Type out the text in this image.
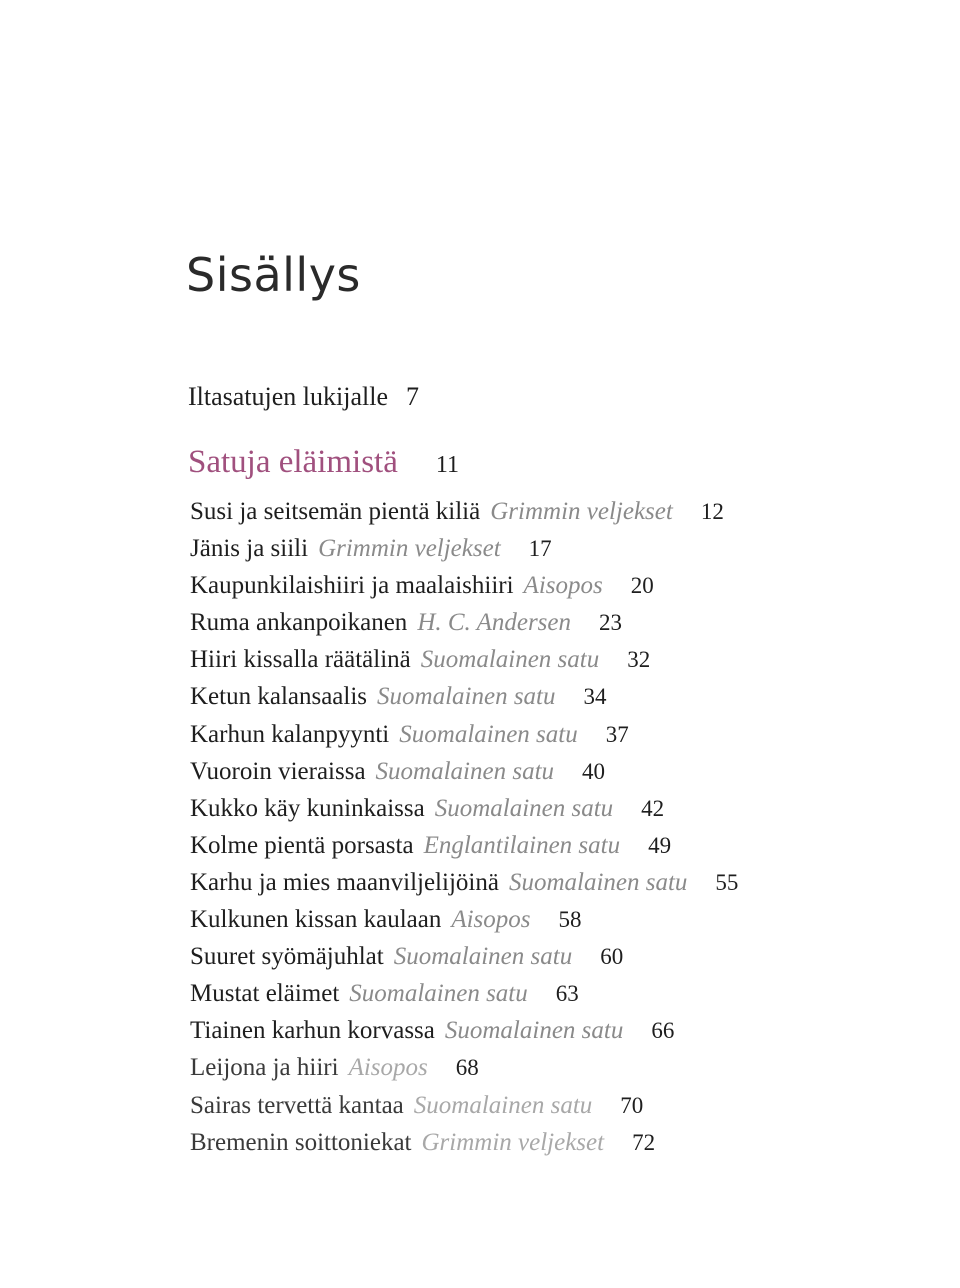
Sisällys
Iltasatujen lukijalle 7
Satuja eläimistä 11
Susi ja seitsemän pientä kiliä Grimmin veljekset 12
Jänis ja siili Grimmin veljekset 17
Kaupunkilaishiiri ja maalaishiiri Aisopos 20
Ruma ankanpoikanen H. C. Andersen 23
Hiiri kissalla räätälinä Suomalainen satu 32
Ketun kalansaalis Suomalainen satu 34
Karhun kalanpyynti Suomalainen satu 37
Vuoroin vieraissa Suomalainen satu 40
Kukko käy kuninkaissa Suomalainen satu 42
Kolme pientä porsasta Englantilainen satu 49
Karhu ja mies maanviljelijöinä Suomalainen satu 55
Kulkunen kissan kaulaan Aisopos 58
Suuret syömäjuhlat Suomalainen satu 60
Mustat eläimet Suomalainen satu 63
Tiainen karhun korvassa Suomalainen satu 66
Leijona ja hiiri Aisopos 68
Sairas tervettä kantaa Suomalainen satu 70
Bremenin soittoniekat Grimmin veljekset 72
